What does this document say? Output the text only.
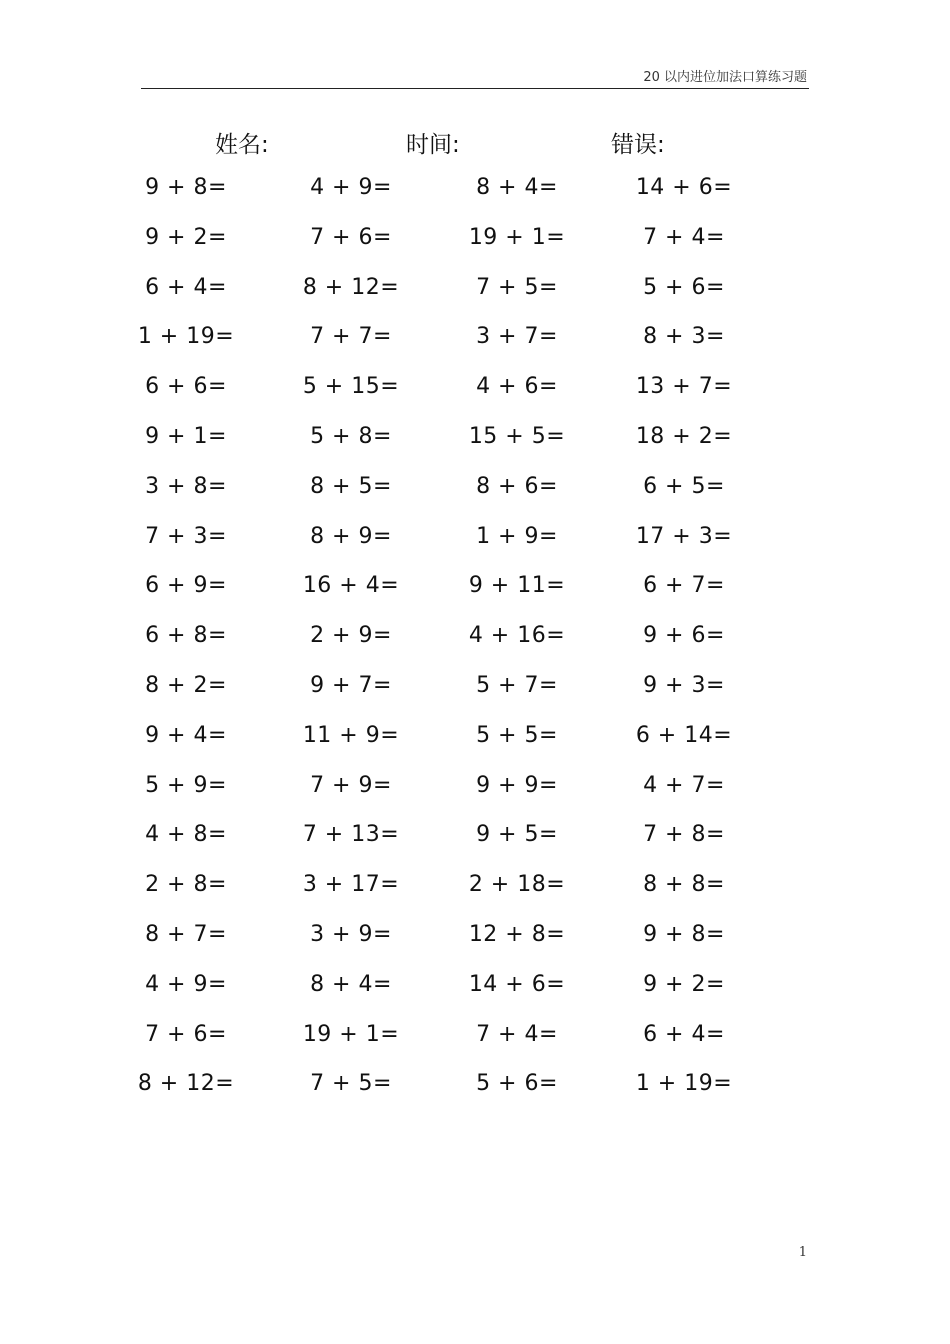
20 以内进位加法口算练习题
姓名:	时间:	错误:
9 + 8=	4 + 9=	8 + 4=	14 + 6=
9 + 2=	7 + 6=	19 + 1=	7 + 4=
6 + 4=	8 + 12=	7 + 5=	5 + 6=
1 + 19=	7 + 7=	3 + 7=	8 + 3=
6 + 6=	5 + 15=	4 + 6=	13 + 7=
9 + 1=	5 + 8=	15 + 5=	18 + 2=
3 + 8=	8 + 5=	8 + 6=	6 + 5=
7 + 3=	8 + 9=	1 + 9=	17 + 3=
6 + 9=	16 + 4=	9 + 11=	6 + 7=
6 + 8=	2 + 9=	4 + 16=	9 + 6=
8 + 2=	9 + 7=	5 + 7=	9 + 3=
9 + 4=	11 + 9=	5 + 5=	6 + 14=
5 + 9=	7 + 9=	9 + 9=	4 + 7=
4 + 8=	7 + 13=	9 + 5=	7 + 8=
2 + 8=	3 + 17=	2 + 18=	8 + 8=
8 + 7=	3 + 9=	12 + 8=	9 + 8=
4 + 9=	8 + 4=	14 + 6=	9 + 2=
7 + 6=	19 + 1=	7 + 4=	6 + 4=
8 + 12=	7 + 5=	5 + 6=	1 + 19=
1
